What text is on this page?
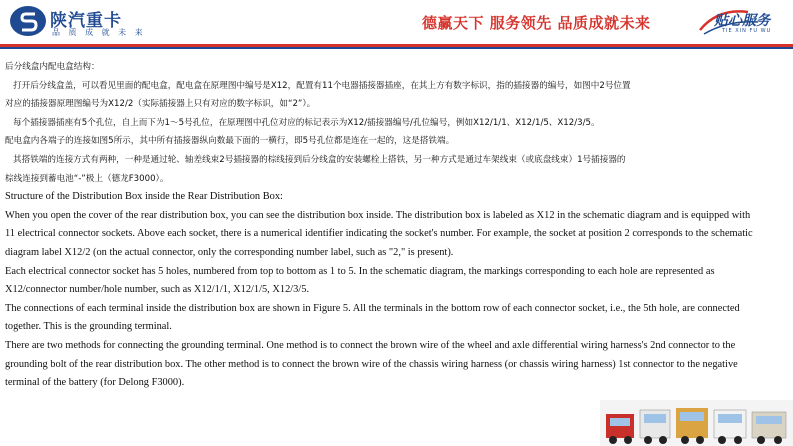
陕汽重卡
品 质 成 就 未 来
德赢天下 服务领先 品质成就未来	贴心服务
TIE XIN FU WU
后分线盒内配电盒结构：
打开后分线盒盖，可以看见里面的配电盒，配电盒在原理图中编号是X12，配置有11个电器插接器插座，在其上方有数字标识，指的插接器的编号，如图中2号位置
对应的插接器原理图编号为X12/2（实际插接器上只有对应的数字标识，如“2”）。
每个插接器插座有5个孔位，自上而下为1～5号孔位，在原理图中孔位对应的标记表示为X12/插接器编号/孔位编号，例如X12/1/1、X12/1/5、X12/3/5。
配电盒内各端子的连接如图5所示，其中所有插接器纵向数最下面的一横行，即5号孔位都是连在一起的，这是搭铁端。
其搭铁端的连接方式有两种，一种是通过轮、轴差线束2号插接器的棕线接到后分线盒的安装螺栓上搭铁，另一种方式是通过车架线束（或底盘线束）1号插接器的
棕线连接到蓄电池“-”极上（德龙F3000）。
Structure of the Distribution Box inside the Rear Distribution Box:
When you open the cover of the rear distribution box, you can see the distribution box inside. The distribution box is labeled as X12 in the schematic diagram and is equipped with
11 electrical connector sockets. Above each socket, there is a numerical identifier indicating the socket's number. For example, the socket at position 2 corresponds to the schematic
diagram label X12/2 (on the actual connector, only the corresponding number label, such as "2," is present).
Each electrical connector socket has 5 holes, numbered from top to bottom as 1 to 5. In the schematic diagram, the markings corresponding to each hole are represented as
X12/connector number/hole number, such as X12/1/1, X12/1/5, X12/3/5.
The connections of each terminal inside the distribution box are shown in Figure 5. All the terminals in the bottom row of each connector socket, i.e., the 5th hole, are connected
together. This is the grounding terminal.
There are two methods for connecting the grounding terminal. One method is to connect the brown wire of the wheel and axle differential wiring harness's 2nd connector to the
grounding bolt of the rear distribution box. The other method is to connect the brown wire of the chassis wiring harness (or chassis wiring harness) 1st connector to the negative
terminal of the battery (for Delong F3000).
